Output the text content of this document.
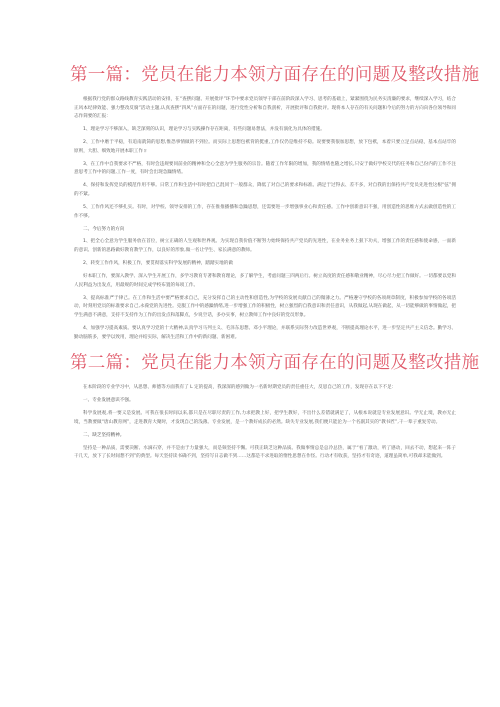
第一篇：党员在能力本领方面存在的问题及整改措施

根据我行党的群众路线教育实践活动的安排，在“查摆问题、开展批评”环节中要求党员领导干部在前阶段深入学习、思考的基础上，紧紧围绕为民务实清廉的要求，继续深入学习，结合正风本纪律效能、强力整改反腐”活动主题,认真查摆“四风”方面存在的问题，进行党性分析和自我剖析，开展批评和自我批评。现将本人存在的有关问题和今后的努力的方向向各位领导和同志作简要的汇报：

1、理论学习不够深入，缺乏深刻的认识，理论学习与实践操作存在距离，有些问题易想法，并没有演化为具体的措施。

2、工作中磨于平稳，有追南就简的思想,惟恐事情做的不到位。而实际上思想包袱背的挺重,工作仅仍是维持不稳。说要要我很加思想，放下包袱，本着只要立足点站稳，基本点站牢的原则，大胆、细致地开展本职工作ㄖ

3、在工作中自我要求不严格，有时会违规要同前业的精神和全心全意为学生服务的宗旨。随着工作年限的增加，我的情绪也随之增长,只安于做好学校交代的任务和自己份内的工作不注意思考工作中的问题,工作一度，有时会出现急躁情绪。

4、保持和发挥党员的模范作用不够。日常工作和生活中有时把自己混同于一般群众，降低了对自己的要求和标准。满足于过得去、差不多，对自我的出保持共产党员先进性这根“弦”拥的不紧。

5、工作作风还不够扎实。有时，对学校、领导安排的工作，存在推推播播和急躁思想，还需要进一步增强事业心和责任感。工作中创新意识不强，用创造性的思维方式去做创造性的工作不够。

二、今后努力的方向

1、把全心全意为学生服务放在首位，树立正确的人生观和世界观。为实现自我价值不断努力始终保持共产党员的先进性，在业务业务上狠下功夫，增强工作的责任感和使命感，一面新的意识、创新的思路做好教育教学工作，以良好的形象,做一名让学生、家长满意的教师。

2、转变工作作风，积极工作，要贯彻落实科学发展的精神，踏踏实地的做

好本职工作，要深入教学、深入学生开展工作，多学习教育专著和教育理论，多了解学生，考虑问题三四两后行。树立高度的责任感和敬业精神，尽心尽力把工作做好。一切都要以党和人民利益为出发点，用最规的时间完成学校布置的每项工作。

3、提高标准严于律己。在工作和生活中要严格要求自己，充分发挥自己的主动性和创造性,为学校的发展贡献自己的微薄之力。严格遵守学校的各项规章制度，积极参加学校的各项活动，时刻用党员的标准要求自己,永葆党的先进性。克服工作中的感躁情绪,进一步增强工作的积极性，树立强烈的自我意识和责任意识，从我做起,从现在做起，从一切能够做的事情做起，把学生满意不满意，支持不支持作为工作的出发点和落脚点，少说空话，多办实事，树立教师工作中良好的党员形象。

4、加强学习提高素质。要认真学习党的十大精神,认真学习马列主义、毛泽东思想、邓小平理论，并联系实际努力改造世界观，不断提高理论水平，进一步坚定共产主义信念。勤学习、勤动脑筋多，要学以致用，理论并结实际，解决生活和工作中的新问题、新困难。

第二篇：党员在能力本领方面存在的问题及整改措施

在本阶段的专业学习中，从思想、师德等方面我有了 L 定的提高，我深深的感到做为一名新时期党员的责任重任大，反思自己的工作，发现存在以下不足：

一、专业发展意识不强。

科学发展观,将一要义是发展。可我在很长时间以来,都只是在尽职尽责的工作,力求把教上好，把学生教好，不出什么差错就满足了，从根本说就是专业发展意识。学无止境，教亦无止境，当教要做“唐山教育网”，走进教育大聚时，才发现自己的浅薄。专业发展，是一个教好成长的必然。缺失专业发展,我们便只能沦为一个名副其实的“教书匠”,干一辈子重复劳动。

二、缺乏坚持精神。

坚持是一种品质，需要决断、水滴石穿，并不是由于力量强大，而是频坚持不懈。可我正缺乏这种品质。我做事情总是总冷总热，属于“看了激动，听了感动，回去不动，想起来一阵子干几天，放下了长时间想不到”的典型。每天坚持读书确不到，坚持写日志做不到……这都是不求进取的惰性思想在作怪。行动才有收获，坚持才有奇迹，道理虽简单,可我却未能做到。
